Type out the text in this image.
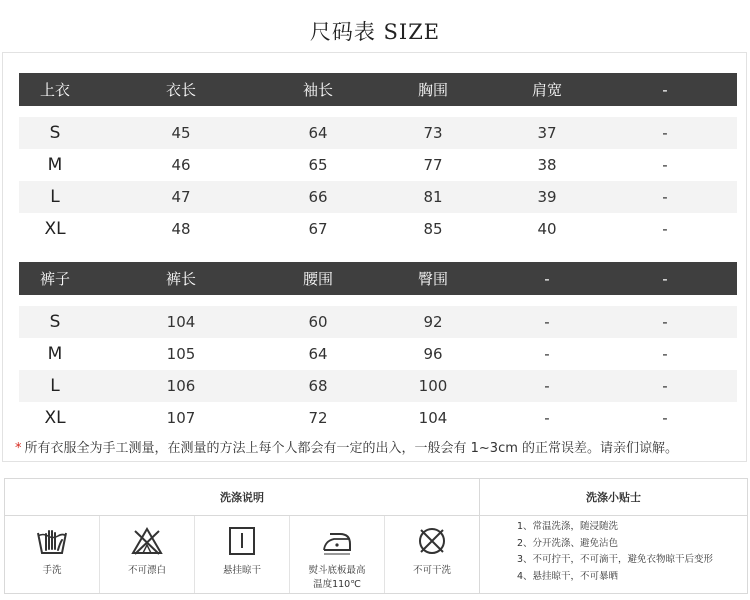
尺码表 SIZE
上衣	衣长	袖长	胸围	肩宽	-
S	45	64	73	37	-
M	46	65	77	38	-
L	47	66	81	39	-
XL	48	67	85	40	-
裤子	裤长	腰围	臀围	-	-
S	104	60	92	-	-
M	105	64	96	-	-
L	106	68	100	-	-
XL	107	72	104	-	-
* 所有衣服全为手工测量，在测量的方法上每个人都会有一定的出入，一般会有 1~3cm 的正常误差。请亲们谅解。
洗涤说明	洗涤小贴士
手洗	不可漂白	悬挂晾干	熨斗底板最高
温度110℃
不可干洗
1、常温洗涤，随浸随洗
2、分开洗涤、避免沾色
3、不可拧干，不可滴干，避免衣物晾干后变形
4、悬挂晾干，不可暴晒
